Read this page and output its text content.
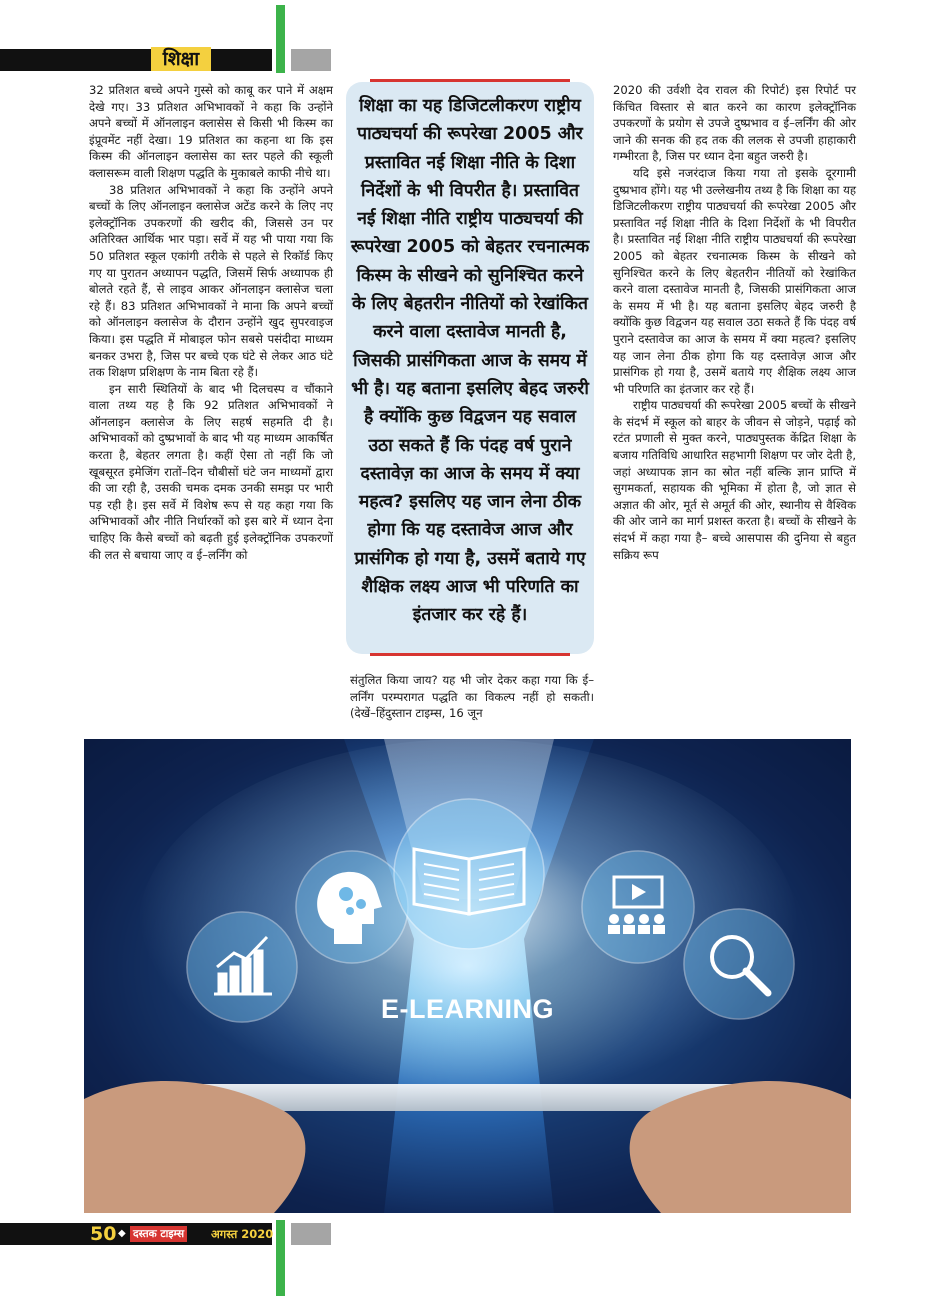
शिक्षा

32 प्रतिशत बच्चे अपने गुस्से को काबू कर पाने में अक्षम देखे गए। 33 प्रतिशत अभिभावकों ने कहा कि उन्होंने अपने बच्चों में ऑनलाइन क्लासेस से किसी भी किस्म का इंप्रूवमेंट नहीं देखा। 19 प्रतिशत का कहना था कि इस किस्म की ऑनलाइन क्लासेस का स्तर पहले की स्कूली क्लासरूम वाली शिक्षण पद्धति के मुकाबले काफी नीचे था।

38 प्रतिशत अभिभावकों ने कहा कि उन्होंने अपने बच्चों के लिए ऑनलाइन क्लासेज अटेंड करने के लिए नए इलेक्ट्रॉनिक उपकरणों की खरीद की, जिससे उन पर अतिरिक्त आर्थिक भार पड़ा। सर्वे में यह भी पाया गया कि 50 प्रतिशत स्कूल एकांगी तरीके से पहले से रिकॉर्ड किए गए या पुरातन अध्यापन पद्धति, जिसमें सिर्फ अध्यापक ही बोलते रहते हैं, से लाइव आकर ऑनलाइन क्लासेज चला रहे हैं। 83 प्रतिशत अभिभावकों ने माना कि अपने बच्चों को ऑनलाइन क्लासेज के दौरान उन्होंने खुद सुपरवाइज किया। इस पद्धति में मोबाइल फोन सबसे पसंदीदा माध्यम बनकर उभरा है, जिस पर बच्चे एक घंटे से लेकर आठ घंटे तक शिक्षण प्रशिक्षण के नाम बिता रहे हैं।

इन सारी स्थितियों के बाद भी दिलचस्प व चौंकाने वाला तथ्य यह है कि 92 प्रतिशत अभिभावकों ने ऑनलाइन क्लासेज के लिए सहर्ष सहमति दी है। अभिभावकों को दुष्प्रभावों के बाद भी यह माध्यम आकर्षित करता है, बेहतर लगता है। कहीं ऐसा तो नहीं कि जो खूबसूरत इमेजिंग रातों–दिन चौबीसों घंटे जन माध्यमों द्वारा की जा रही है, उसकी चमक दमक उनकी समझ पर भारी पड़ रही है। इस सर्वे में विशेष रूप से यह कहा गया कि अभिभावकों और नीति निर्धारकों को इस बारे में ध्यान देना चाहिए कि कैसे बच्चों को बढ़ती हुई इलेक्ट्रॉनिक उपकरणों की लत से बचाया जाए व ई–लर्निंग को

शिक्षा का यह डिजिटलीकरण राष्ट्रीय पाठ्यचर्या की रूपरेखा 2005 और प्रस्तावित नई शिक्षा नीति के दिशा निर्देशों के भी विपरीत है। प्रस्तावित नई शिक्षा नीति राष्ट्रीय पाठ्यचर्या की रूपरेखा 2005 को बेहतर रचनात्मक किस्म के सीखने को सुनिश्चित करने के लिए बेहतरीन नीतियों को रेखांकित करने वाला दस्तावेज मानती है, जिसकी प्रासंगिकता आज के समय में भी है। यह बताना इसलिए बेहद जरुरी है क्योंकि कुछ विद्वजन यह सवाल उठा सकते हैं कि पंदह वर्ष पुराने दस्तावेज़ का आज के समय में क्या महत्व? इसलिए यह जान लेना ठीक होगा कि यह दस्तावेज आज और प्रासंगिक हो गया है, उसमें बताये गए शैक्षिक लक्ष्य आज भी परिणति का इंतजार कर रहे हैं।

संतुलित किया जाय? यह भी जोर देकर कहा गया कि ई–लर्निंग परम्परागत पद्धति का विकल्प नहीं हो सकती। (देखें–हिंदुस्तान टाइम्स, 16 जून

2020 की उर्वशी देव रावल की रिपोर्ट) इस रिपोर्ट पर किंचित विस्तार से बात करने का कारण इलेक्ट्रॉनिक उपकरणों के प्रयोग से उपजे दुष्प्रभाव व ई–लर्निंग की ओर जाने की सनक की हद तक की ललक से उपजी हाहाकारी गम्भीरता है, जिस पर ध्यान देना बहुत जरुरी है।

यदि इसे नजरंदाज किया गया तो इसके दूरगामी दुष्प्रभाव होंगे। यह भी उल्लेखनीय तथ्य है कि शिक्षा का यह डिजिटलीकरण राष्ट्रीय पाठ्यचर्या की रूपरेखा 2005 और प्रस्तावित नई शिक्षा नीति के दिशा निर्देशों के भी विपरीत है। प्रस्तावित नई शिक्षा नीति राष्ट्रीय पाठ्यचर्या की रूपरेखा 2005 को बेहतर रचनात्मक किस्म के सीखने को सुनिश्चित करने के लिए बेहतरीन नीतियों को रेखांकित करने वाला दस्तावेज मानती है, जिसकी प्रासंगिकता आज के समय में भी है। यह बताना इसलिए बेहद जरुरी है क्योंकि कुछ विद्वजन यह सवाल उठा सकते हैं कि पंदह वर्ष पुराने दस्तावेज का आज के समय में क्या महत्व? इसलिए यह जान लेना ठीक होगा कि यह दस्तावेज़ आज और प्रासंगिक हो गया है, उसमें बताये गए शैक्षिक लक्ष्य आज भी परिणति का इंतजार कर रहे हैं।

राष्ट्रीय पाठ्यचर्या की रूपरेखा 2005 बच्चों के सीखने के संदर्भ में स्कूल को बाहर के जीवन से जोड़ने, पढ़ाई को रटंत प्रणाली से मुक्त करने, पाठ्यपुस्तक केंद्रित शिक्षा के बजाय गतिविधि आधारित सहभागी शिक्षण पर जोर देती है, जहां अध्यापक ज्ञान का स्रोत नहीं बल्कि ज्ञान प्राप्ति में सुगमकर्ता, सहायक की भूमिका में होता है, जो ज्ञात से अज्ञात की ओर, मूर्त से अमूर्त की ओर, स्थानीय से वैश्विक की ओर जाने का मार्ग प्रशस्त करता है। बच्चों के सीखने के संदर्भ में कहा गया है– बच्चे आसपास की दुनिया से बहुत सक्रिय रूप

E-LEARNING
50 ◆ दस्तक टाइम्स अगस्त 2020
